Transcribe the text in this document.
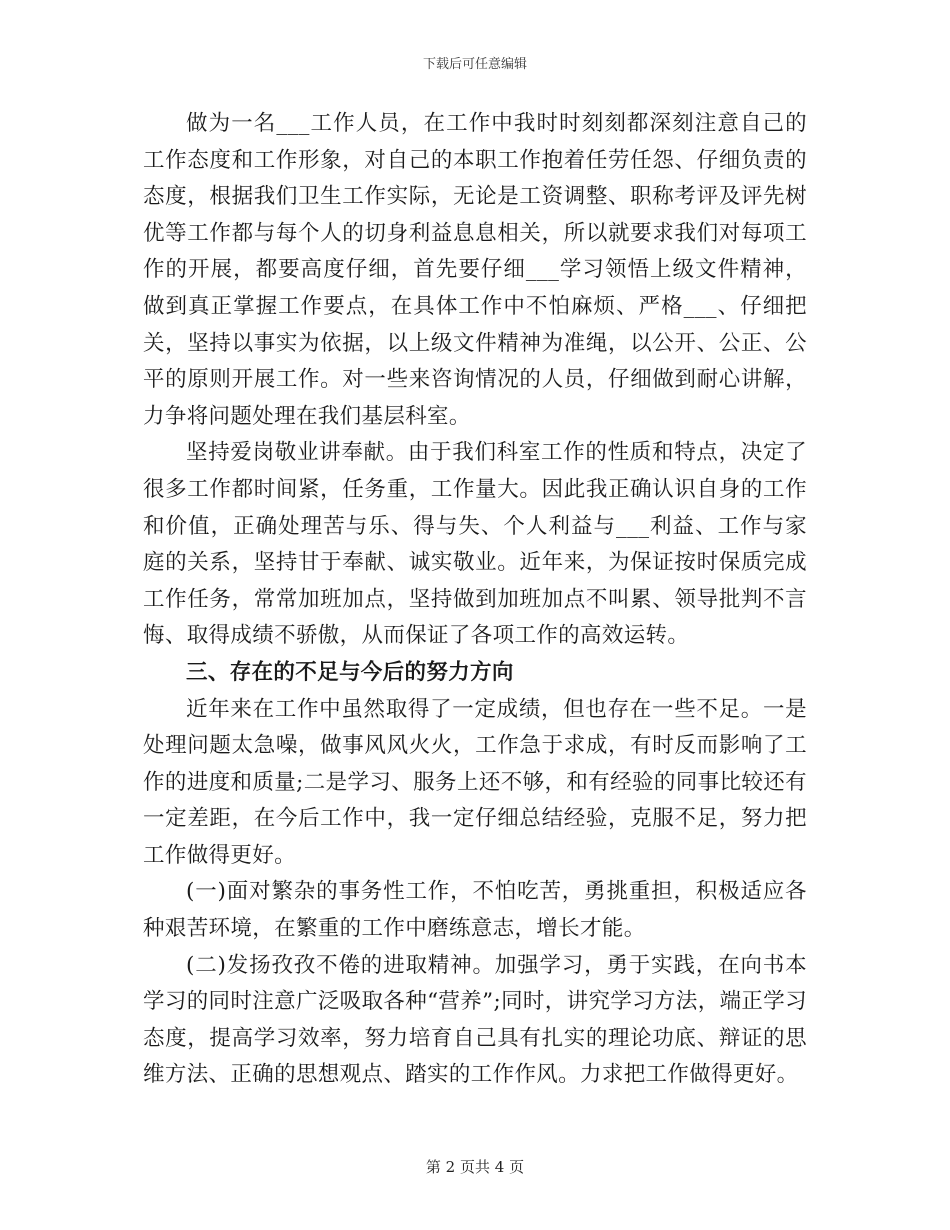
下载后可任意编辑

做为一名___工作人员，在工作中我时时刻刻都深刻注意自己的工作态度和工作形象，对自己的本职工作抱着任劳任怨、仔细负责的态度，根据我们卫生工作实际，无论是工资调整、职称考评及评先树优等工作都与每个人的切身利益息息相关，所以就要求我们对每项工作的开展，都要高度仔细，首先要仔细___学习领悟上级文件精神，做到真正掌握工作要点，在具体工作中不怕麻烦、严格___、仔细把关，坚持以事实为依据，以上级文件精神为准绳，以公开、公正、公平的原则开展工作。对一些来咨询情况的人员，仔细做到耐心讲解，力争将问题处理在我们基层科室。

坚持爱岗敬业讲奉献。由于我们科室工作的性质和特点，决定了很多工作都时间紧，任务重，工作量大。因此我正确认识自身的工作和价值，正确处理苦与乐、得与失、个人利益与___利益、工作与家庭的关系，坚持甘于奉献、诚实敬业。近年来，为保证按时保质完成工作任务，常常加班加点，坚持做到加班加点不叫累、领导批判不言悔、取得成绩不骄傲，从而保证了各项工作的高效运转。

三、存在的不足与今后的努力方向

近年来在工作中虽然取得了一定成绩，但也存在一些不足。一是处理问题太急噪，做事风风火火，工作急于求成，有时反而影响了工作的进度和质量;二是学习、服务上还不够，和有经验的同事比较还有一定差距，在今后工作中，我一定仔细总结经验，克服不足，努力把工作做得更好。

(一)面对繁杂的事务性工作，不怕吃苦，勇挑重担，积极适应各种艰苦环境，在繁重的工作中磨练意志，增长才能。

(二)发扬孜孜不倦的进取精神。加强学习，勇于实践，在向书本学习的同时注意广泛吸取各种“营养”;同时，讲究学习方法，端正学习态度，提高学习效率，努力培育自己具有扎实的理论功底、辩证的思维方法、正确的思想观点、踏实的工作作风。力求把工作做得更好。

第 2 页共 4 页
